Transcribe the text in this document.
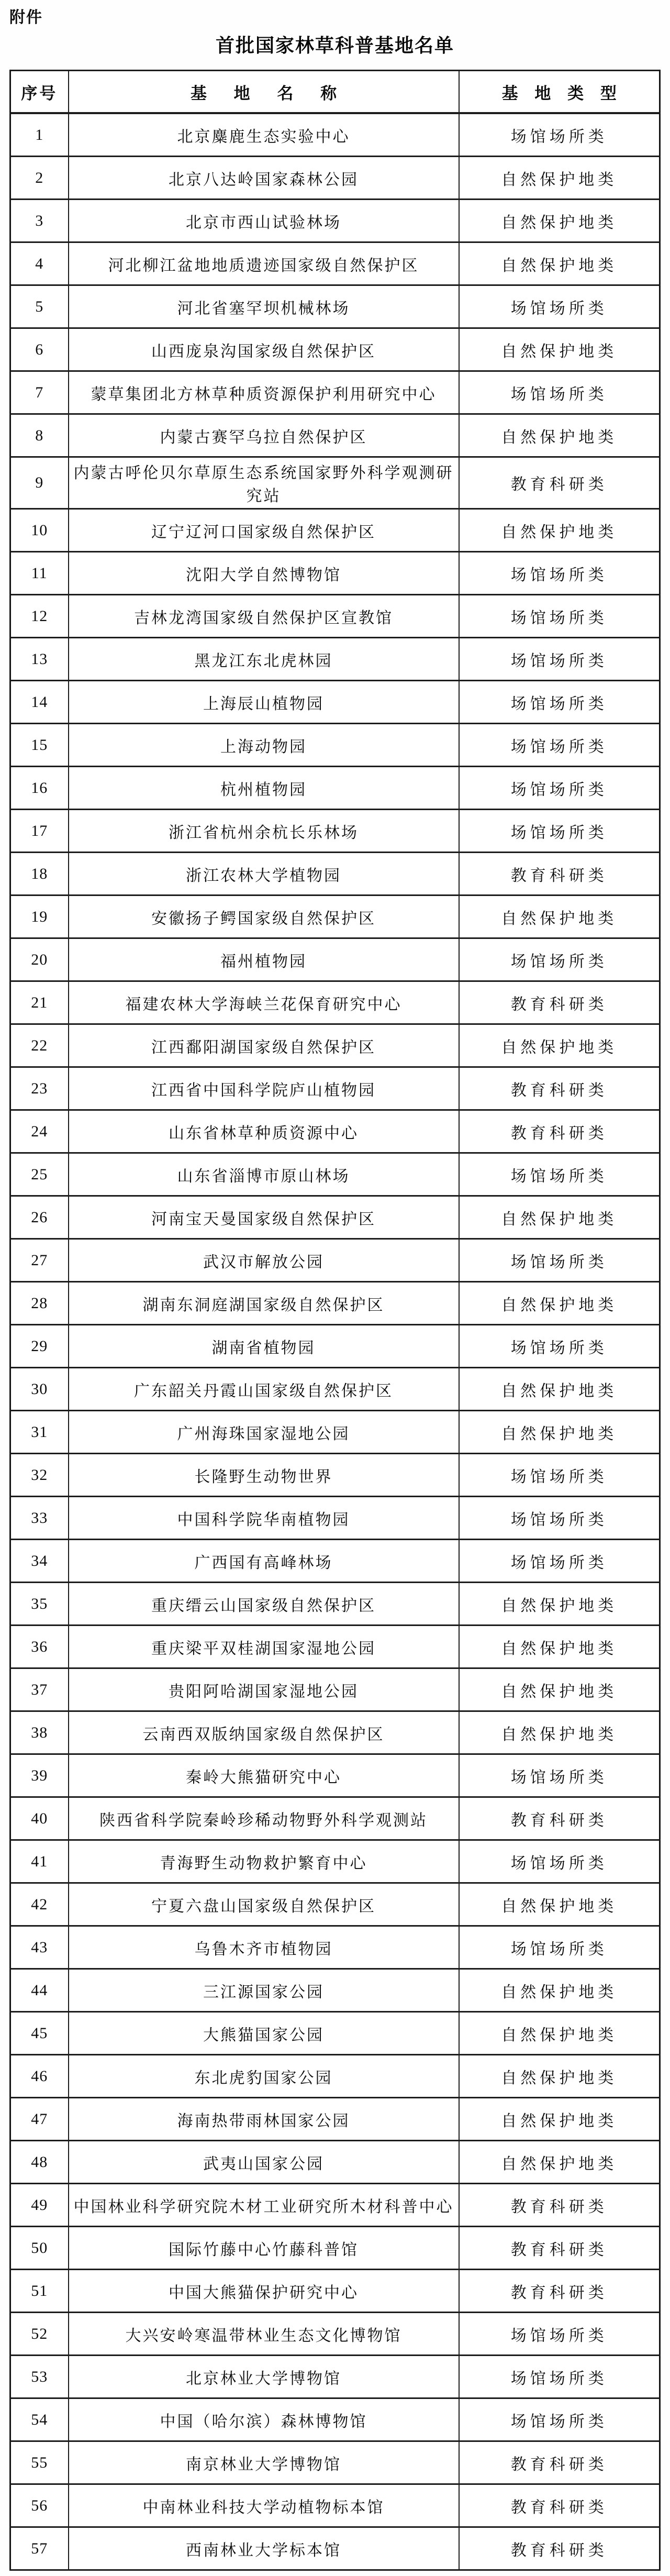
附件
首批国家林草科普基地名单
序号	基 地 名 称	基 地 类 型
1	北京麋鹿生态实验中心	场馆场所类
2	北京八达岭国家森林公园	自然保护地类
3	北京市西山试验林场	自然保护地类
4	河北柳江盆地地质遗迹国家级自然保护区	自然保护地类
5	河北省塞罕坝机械林场	场馆场所类
6	山西庞泉沟国家级自然保护区	自然保护地类
7	蒙草集团北方林草种质资源保护利用研究中心	场馆场所类
8	内蒙古赛罕乌拉自然保护区	自然保护地类
9	内蒙古呼伦贝尔草原生态系统国家野外科学观测研究站	教育科研类
10	辽宁辽河口国家级自然保护区	自然保护地类
11	沈阳大学自然博物馆	场馆场所类
12	吉林龙湾国家级自然保护区宣教馆	场馆场所类
13	黑龙江东北虎林园	场馆场所类
14	上海辰山植物园	场馆场所类
15	上海动物园	场馆场所类
16	杭州植物园	场馆场所类
17	浙江省杭州余杭长乐林场	场馆场所类
18	浙江农林大学植物园	教育科研类
19	安徽扬子鳄国家级自然保护区	自然保护地类
20	福州植物园	场馆场所类
21	福建农林大学海峡兰花保育研究中心	教育科研类
22	江西鄱阳湖国家级自然保护区	自然保护地类
23	江西省中国科学院庐山植物园	教育科研类
24	山东省林草种质资源中心	教育科研类
25	山东省淄博市原山林场	场馆场所类
26	河南宝天曼国家级自然保护区	自然保护地类
27	武汉市解放公园	场馆场所类
28	湖南东洞庭湖国家级自然保护区	自然保护地类
29	湖南省植物园	场馆场所类
30	广东韶关丹霞山国家级自然保护区	自然保护地类
31	广州海珠国家湿地公园	自然保护地类
32	长隆野生动物世界	场馆场所类
33	中国科学院华南植物园	场馆场所类
34	广西国有高峰林场	场馆场所类
35	重庆缙云山国家级自然保护区	自然保护地类
36	重庆梁平双桂湖国家湿地公园	自然保护地类
37	贵阳阿哈湖国家湿地公园	自然保护地类
38	云南西双版纳国家级自然保护区	自然保护地类
39	秦岭大熊猫研究中心	场馆场所类
40	陕西省科学院秦岭珍稀动物野外科学观测站	教育科研类
41	青海野生动物救护繁育中心	场馆场所类
42	宁夏六盘山国家级自然保护区	自然保护地类
43	乌鲁木齐市植物园	场馆场所类
44	三江源国家公园	自然保护地类
45	大熊猫国家公园	自然保护地类
46	东北虎豹国家公园	自然保护地类
47	海南热带雨林国家公园	自然保护地类
48	武夷山国家公园	自然保护地类
49	中国林业科学研究院木材工业研究所木材科普中心	教育科研类
50	国际竹藤中心竹藤科普馆	教育科研类
51	中国大熊猫保护研究中心	教育科研类
52	大兴安岭寒温带林业生态文化博物馆	场馆场所类
53	北京林业大学博物馆	场馆场所类
54	中国（哈尔滨）森林博物馆	场馆场所类
55	南京林业大学博物馆	教育科研类
56	中南林业科技大学动植物标本馆	教育科研类
57	西南林业大学标本馆	教育科研类
